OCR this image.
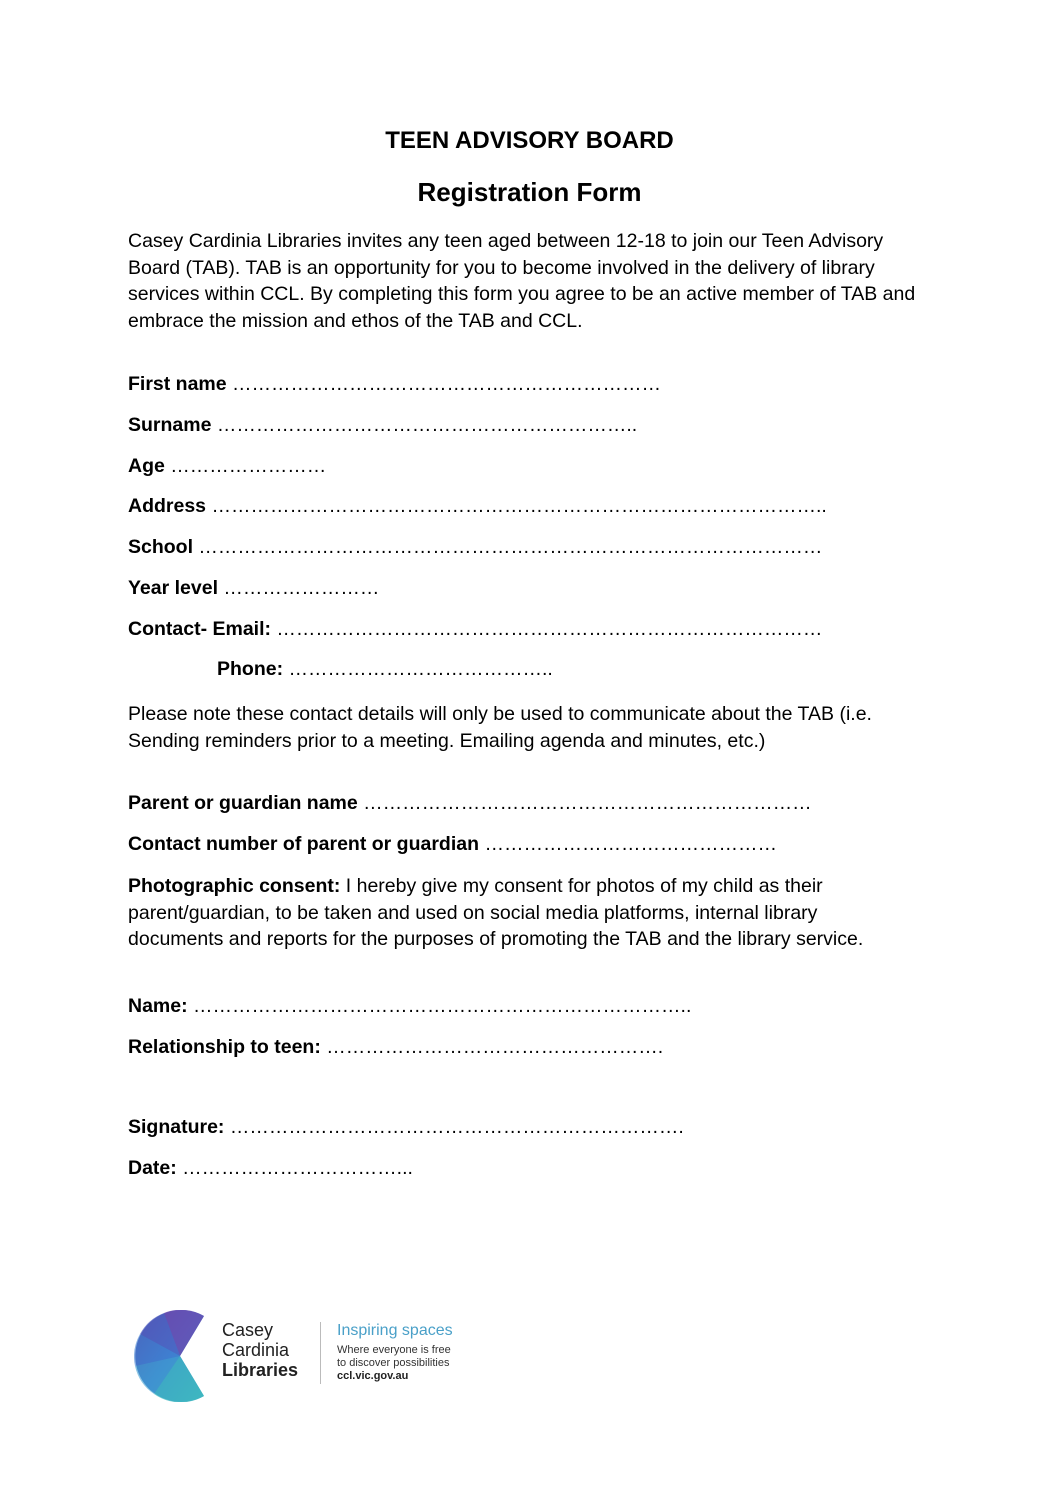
TEEN ADVISORY BOARD
Registration Form

Casey Cardinia Libraries invites any teen aged between 12-18 to join our Teen Advisory Board (TAB). TAB is an opportunity for you to become involved in the delivery of library services within CCL. By completing this form you agree to be an active member of TAB and embrace the mission and ethos of the TAB and CCL.

First name …………………………………………………………
Surname ………………………………………………………..
Age ……………………
Address …………………………………………………………………………………..
School ……………………………………………………………………………………
Year level ……………………
Contact- Email: …………………………………………………………………………
Phone: …………………………………..

Please note these contact details will only be used to communicate about the TAB (i.e. Sending reminders prior to a meeting. Emailing agenda and minutes, etc.)

Parent or guardian name ……………………………………………………………
Contact number of parent or guardian ………………………………………

Photographic consent: I hereby give my consent for photos of my child as their parent/guardian, to be taken and used on social media platforms, internal library documents and reports for the purposes of promoting the TAB and the library service.

Name: …………………………………………………………………..
Relationship to teen: …………………………………………….
Signature: …………………………………………………………….
Date: ……………………………...
Casey
Cardinia
Libraries
Inspiring spaces
Where everyone is free
to discover possibilities
ccl.vic.gov.au
